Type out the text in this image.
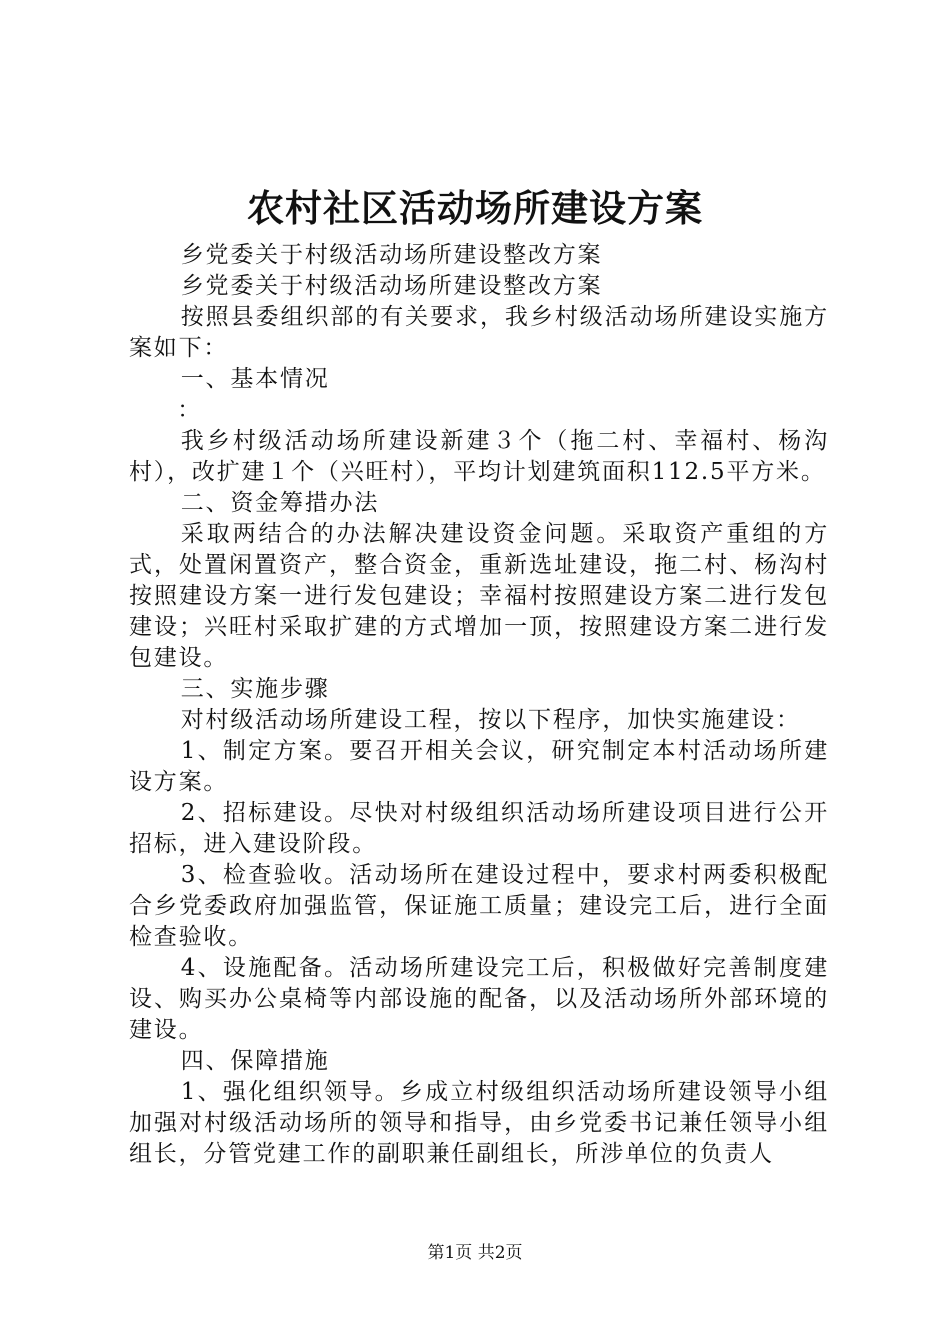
农村社区活动场所建设方案

乡党委关于村级活动场所建设整改方案

乡党委关于村级活动场所建设整改方案

按照县委组织部的有关要求，我乡村级活动场所建设实施方案如下：

一、基本情况

：

我乡村级活动场所建设新建３个（拖二村、幸福村、杨沟村），改扩建１个（兴旺村），平均计划建筑面积112.5平方米。

二、资金筹措办法

采取两结合的办法解决建设资金问题。采取资产重组的方式，处置闲置资产，整合资金，重新选址建设，拖二村、杨沟村按照建设方案一进行发包建设；幸福村按照建设方案二进行发包建设；兴旺村采取扩建的方式增加一顶，按照建设方案二进行发包建设。

三、实施步骤

对村级活动场所建设工程，按以下程序，加快实施建设：

1、制定方案。要召开相关会议，研究制定本村活动场所建设方案。

2、招标建设。尽快对村级组织活动场所建设项目进行公开招标，进入建设阶段。

3、检查验收。活动场所在建设过程中，要求村两委积极配合乡党委政府加强监管，保证施工质量；建设完工后，进行全面检查验收。

4、设施配备。活动场所建设完工后，积极做好完善制度建设、购买办公桌椅等内部设施的配备，以及活动场所外部环境的建设。

四、保障措施

1、强化组织领导。乡成立村级组织活动场所建设领导小组加强对村级活动场所的领导和指导，由乡党委书记兼任领导小组组长，分管党建工作的副职兼任副组长，所涉单位的负责人

第1页 共2页
